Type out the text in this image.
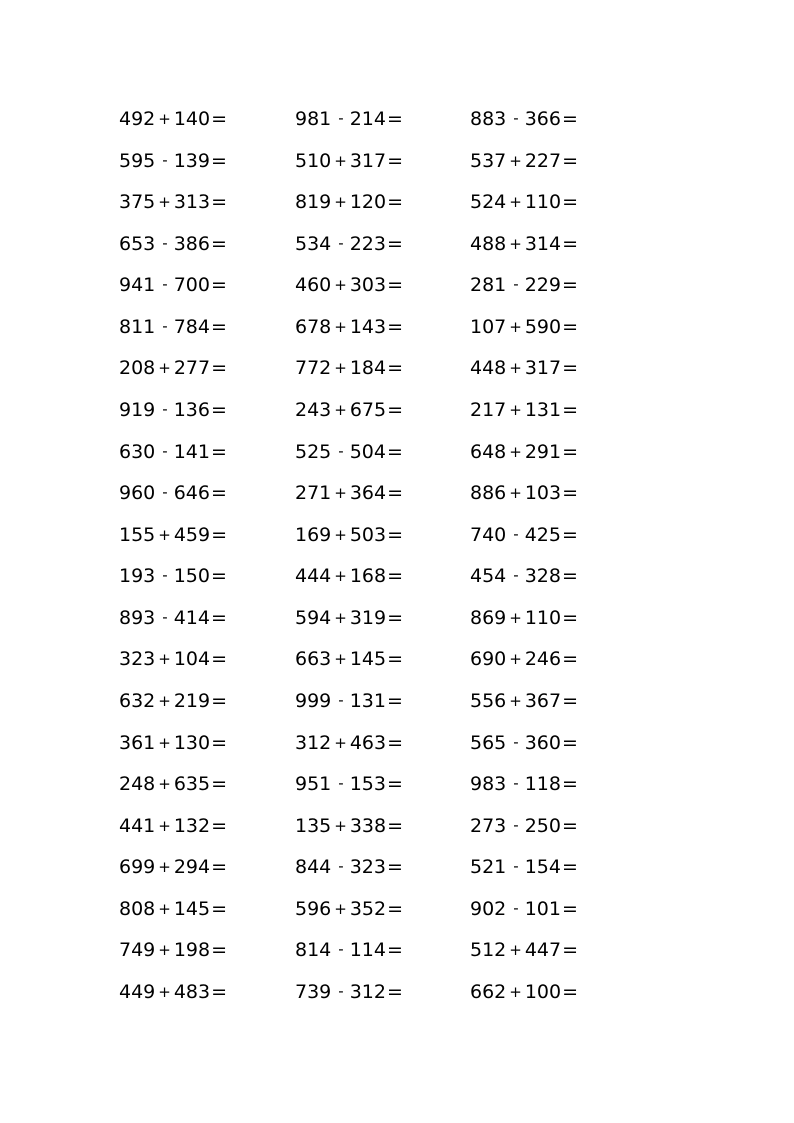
492 + 140 =
595 - 139 =
375 + 313 =
653 - 386 =
941 - 700 =
811 - 784 =
208 + 277 =
919 - 136 =
630 - 141 =
960 - 646 =
155 + 459 =
193 - 150 =
893 - 414 =
323 + 104 =
632 + 219 =
361 + 130 =
248 + 635 =
441 + 132 =
699 + 294 =
808 + 145 =
749 + 198 =
449 + 483 =
981 - 214 =
510 + 317 =
819 + 120 =
534 - 223 =
460 + 303 =
678 + 143 =
772 + 184 =
243 + 675 =
525 - 504 =
271 + 364 =
169 + 503 =
444 + 168 =
594 + 319 =
663 + 145 =
999 - 131 =
312 + 463 =
951 - 153 =
135 + 338 =
844 - 323 =
596 + 352 =
814 - 114 =
739 - 312 =
883 - 366 =
537 + 227 =
524 + 110 =
488 + 314 =
281 - 229 =
107 + 590 =
448 + 317 =
217 + 131 =
648 + 291 =
886 + 103 =
740 - 425 =
454 - 328 =
869 + 110 =
690 + 246 =
556 + 367 =
565 - 360 =
983 - 118 =
273 - 250 =
521 - 154 =
902 - 101 =
512 + 447 =
662 + 100 =
